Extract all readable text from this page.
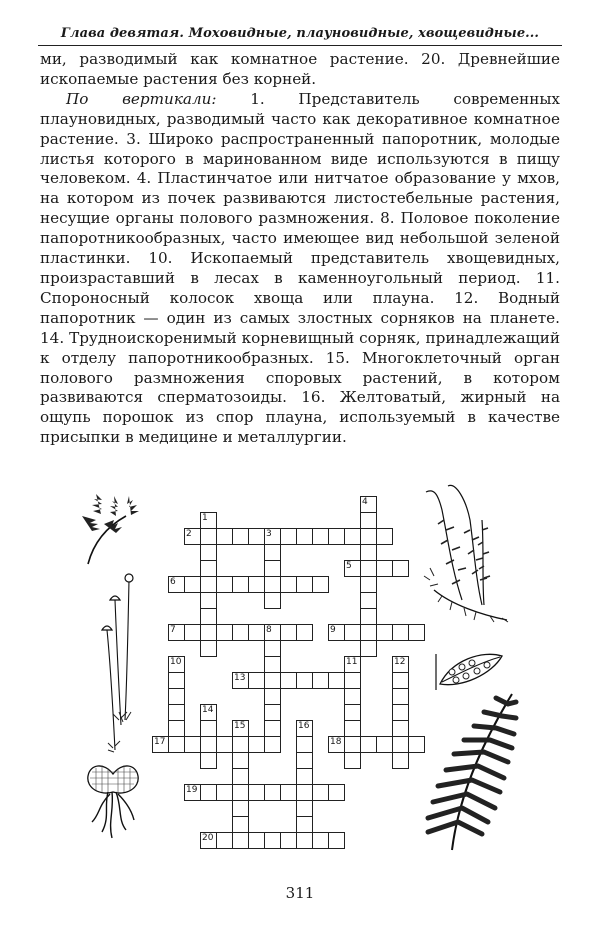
Глава девятая. Моховидные, плауновидные, хвощевидные...

ми, разводимый как комнатное растение. 20. Древнейшие ископаемые растения без корней.

По вертикали: 1. Представитель современных плауновидных, разводимый часто как декоративное комнатное растение. 3. Широко распространенный папоротник, молодые листья которого в маринованном виде используются в пищу человеком. 4. Пластинчатое или нитчатое образование у мхов, на котором из почек развиваются листостебельные растения, несущие органы полового размножения. 8. Половое поколение папоротникообразных, часто имеющее вид небольшой зеленой пластинки. 10. Ископаемый представитель хвощевидных, произраставший в лесах в каменноугольный период. 11. Спороносный колосок хвоща или плауна. 12. Водный папоротник — один из самых злостных сорняков на планете. 14. Трудноискоренимый корневищный сорняк, принадлежащий к отделу папоротникообразных. 15. Многоклеточный орган полового размножения споровых растений, в котором развиваются сперматозоиды. 16. Желтоватый, жирный на ощупь порошок из спор плауна, используемый в качестве присыпки в медицине и металлургии.

1
2	3
4
5
6
7	8	9
10	11	12
13
14
15	16
17	18
19
20
311
